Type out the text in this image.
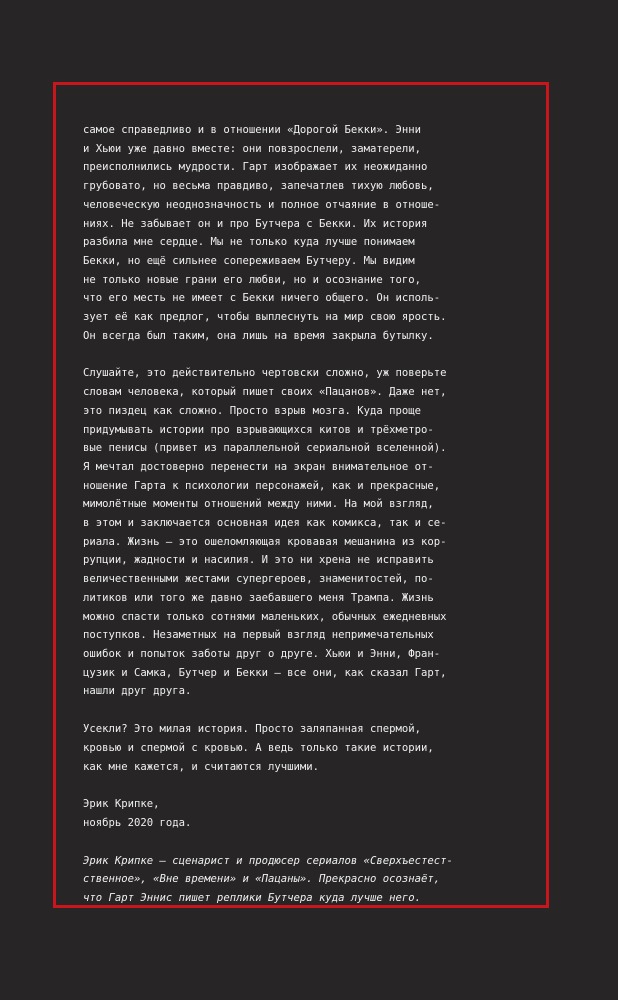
самое справедливо и в отношении «Дорогой Бекки». Энни
и Хьюи уже давно вместе: они повзрослели, заматерели,
преисполнились мудрости. Гарт изображает их неожиданно
грубовато, но весьма правдиво, запечатлев тихую любовь,
человеческую неоднозначность и полное отчаяние в отноше-
ниях. Не забывает он и про Бутчера с Бекки. Их история
разбила мне сердце. Мы не только куда лучше понимаем
Бекки, но ещё сильнее сопереживаем Бутчеру. Мы видим
не только новые грани его любви, но и осознание того,
что его месть не имеет с Бекки ничего общего. Он исполь-
зует её как предлог, чтобы выплеснуть на мир свою ярость.
Он всегда был таким, она лишь на время закрыла бутылку.
Слушайте, это действительно чертовски сложно, уж поверьте
словам человека, который пишет своих «Пацанов». Даже нет,
это пиздец как сложно. Просто взрыв мозга. Куда проще
придумывать истории про взрывающихся китов и трёхметро-
вые пенисы (привет из параллельной сериальной вселенной).
Я мечтал достоверно перенести на экран внимательное от-
ношение Гарта к психологии персонажей, как и прекрасные,
мимолётные моменты отношений между ними. На мой взгляд,
в этом и заключается основная идея как комикса, так и се-
риала. Жизнь — это ошеломляющая кровавая мешанина из кор-
рупции, жадности и насилия. И это ни хрена не исправить
величественными жестами супергероев, знаменитостей, по-
литиков или того же давно заебавшего меня Трампа. Жизнь
можно спасти только сотнями маленьких, обычных ежедневных
поступков. Незаметных на первый взгляд непримечательных
ошибок и попыток заботы друг о друге. Хьюи и Энни, Фран-
цузик и Самка, Бутчер и Бекки — все они, как сказал Гарт,
нашли друг друга.
Усекли? Это милая история. Просто заляпанная спермой,
кровью и спермой с кровью. А ведь только такие истории,
как мне кажется, и считаются лучшими.
Эрик Крипке,
ноябрь 2020 года.
Эрик Крипке — сценарист и продюсер сериалов «Сверхъестест-
ственное», «Вне времени» и «Пацаны». Прекрасно осознаёт,
что Гарт Эннис пишет реплики Бутчера куда лучше него.
